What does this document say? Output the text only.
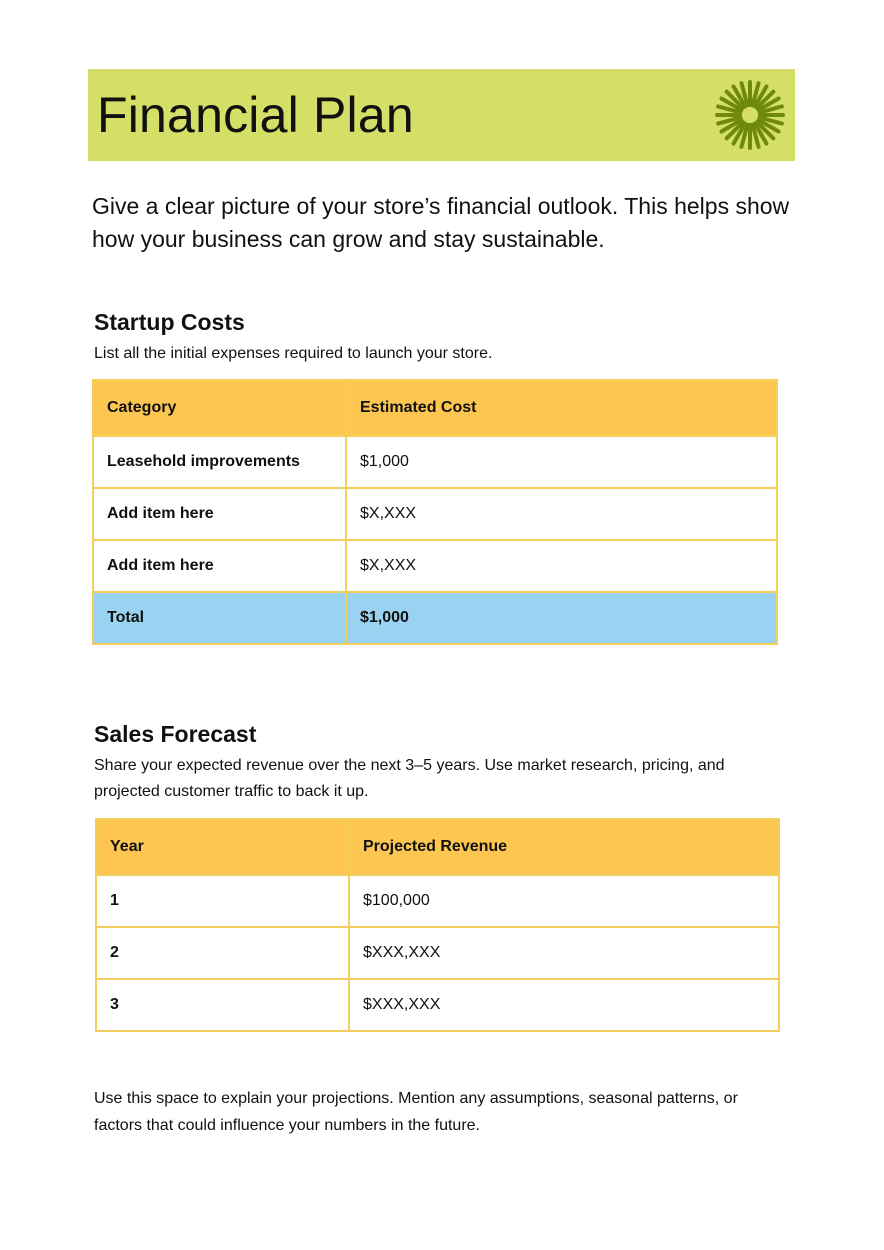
Financial Plan

Give a clear picture of your store’s financial outlook. This helps show how your business can grow and stay sustainable.

Startup Costs

List all the initial expenses required to launch your store.

Category	Estimated Cost
Leasehold improvements	$1,000
Add item here	$X,XXX
Add item here	$X,XXX
Total	$1,000
Sales Forecast

Share your expected revenue over the next 3–5 years. Use market research, pricing, and projected customer traffic to back it up.

Year	Projected Revenue
1	$100,000
2	$XXX,XXX
3	$XXX,XXX

Use this space to explain your projections. Mention any assumptions, seasonal patterns, or factors that could influence your numbers in the future.
